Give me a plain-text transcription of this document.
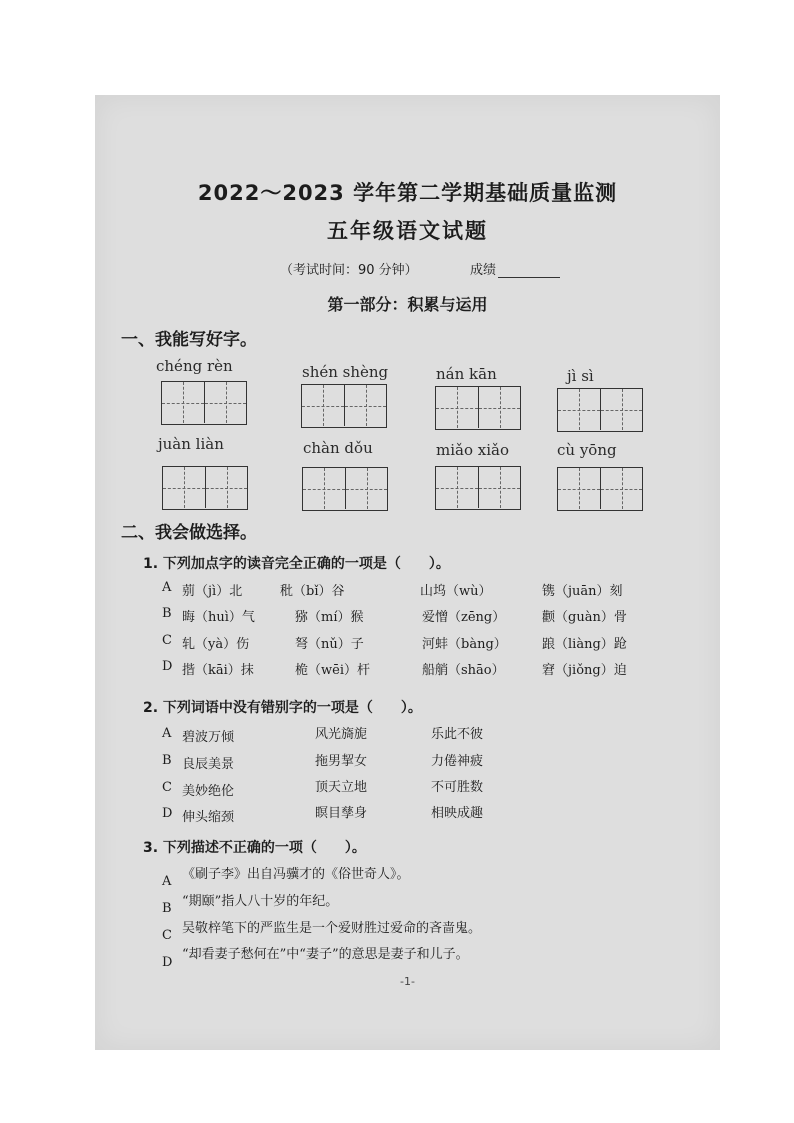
2022～2023 学年第二学期基础质量监测
五年级语文试题
（考试时间：90 分钟）	成绩
第一部分：积累与运用
一、我能写好字。
chéng rèn	shén shèng	nán kān	jì sì
juàn liàn	chàn dǒu	miǎo xiǎo	cù yōng
二、我会做选择。
1. 下列加点字的读音完全正确的一项是（　　）。
A 莂（jì）北	秕（bǐ）谷	山坞（wù）	镌（juān）刻
B 晦（huì）气	猕（mí）猴	爱憎（zēng）	颧（guàn）骨
C 轧（yà）伤	弩（nǔ）子	河蚌（bàng）	踉（liàng）跄
D 揩（kāi）抹	桅（wēi）杆	船艄（shāo）	窘（jiǒng）迫
2. 下列词语中没有错别字的一项是（　　）。
A 碧波万倾	风光旖旎	乐此不彼
B 良辰美景	拖男挈女	力倦神疲
C 美妙绝伦	顶天立地	不可胜数
D 伸头缩颈	瞑目孳身	相映成趣
3. 下列描述不正确的一项（　　）。
A 《刷子李》出自冯骥才的《俗世奇人》。
B “期颐”指人八十岁的年纪。
C 吴敬梓笔下的严监生是一个爱财胜过爱命的吝啬鬼。
D
“却看妻子愁何在”中“妻子”的意思是妻子和儿子。
-1-
